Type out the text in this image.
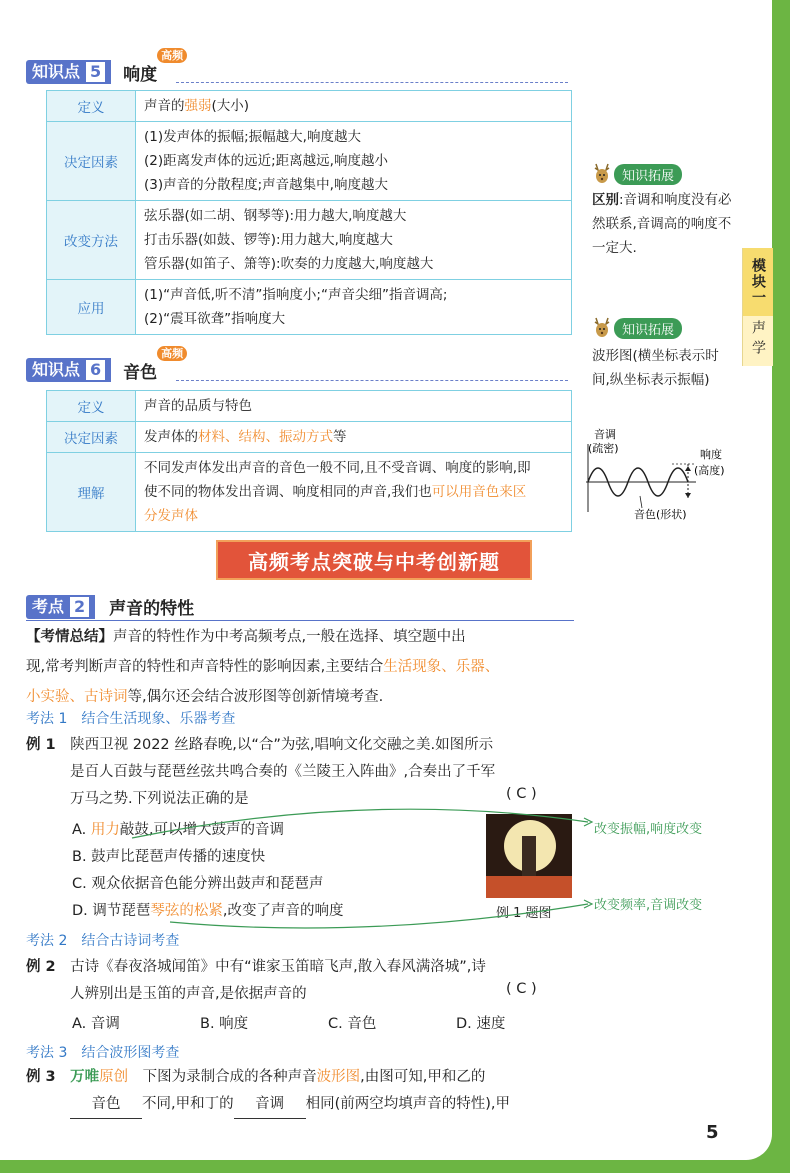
模块一
声学
知识点 5 响度
高频
定义	声音的强弱(大小)
决定因素	(1)发声体的振幅;振幅越大,响度越大
(2)距离发声体的远近;距离越远,响度越小
(3)声音的分散程度;声音越集中,响度越大

改变方法	弦乐器(如二胡、钢琴等):用力越大,响度越大
打击乐器(如鼓、锣等):用力越大,响度越大
管乐器(如笛子、箫等):吹奏的力度越大,响度越大

应用	(1)“声音低,听不清”指响度小;“声音尖细”指音调高;
(2)“震耳欲聋”指响度大
知识点 6 音色
高频
定义	声音的品质与特色
决定因素	发声体的材料、结构、振动方式等
理解	不同发声体发出声音的音色一般不同,且不受音调、响度的影响,即
使不同的物体发出音调、响度相同的声音,我们也可以用音色来区
分发声体
知识拓展
区别:音调和响度没有必然联系,音调高的响度不一定大.
知识拓展
波形图(横坐标表示时间,纵坐标表示振幅)
音调
(疏密)	响度
(高度)
音色(形状)
高频考点突破与中考创新题
考点 2 声音的特性
【考情总结】声音的特性作为中考高频考点,一般在选择、填空题中出
现,常考判断声音的特性和声音特性的影响因素,主要结合生活现象、乐器、
小实验、古诗词等,偶尔还会结合波形图等创新情境考查.
考法 1　结合生活现象、乐器考查
例 1　 陕西卫视 2022 丝路春晚,以“合”为弦,唱响文化交融之美.如图所示
是百人百鼓与琵琶丝弦共鸣合奏的《兰陵王入阵曲》,合奏出了千军
万马之势.下列说法正确的是	( C )
A. 用力敲鼓,可以增大鼓声的音调
B. 鼓声比琵琶声传播的速度快
C. 观众依据音色能分辨出鼓声和琵琶声
D. 调节琵琶琴弦的松紧,改变了声音的响度	例 1 题图
改变振幅,响度改变
改变频率,音调改变
考法 2　结合古诗词考查
例 2　 古诗《春夜洛城闻笛》中有“谁家玉笛暗飞声,散入春风满洛城”,诗
人辨别出是玉笛的声音,是依据声音的	( C )
A. 音调	B. 响度	C. 音色	D. 速度
考法 3　结合波形图考查
例 3　 万唯原创　 下图为录制合成的各种声音波形图,由图可知,甲和乙的
音色 不同,甲和丁的 音调 相同(前两空均填声音的特性),甲
5
